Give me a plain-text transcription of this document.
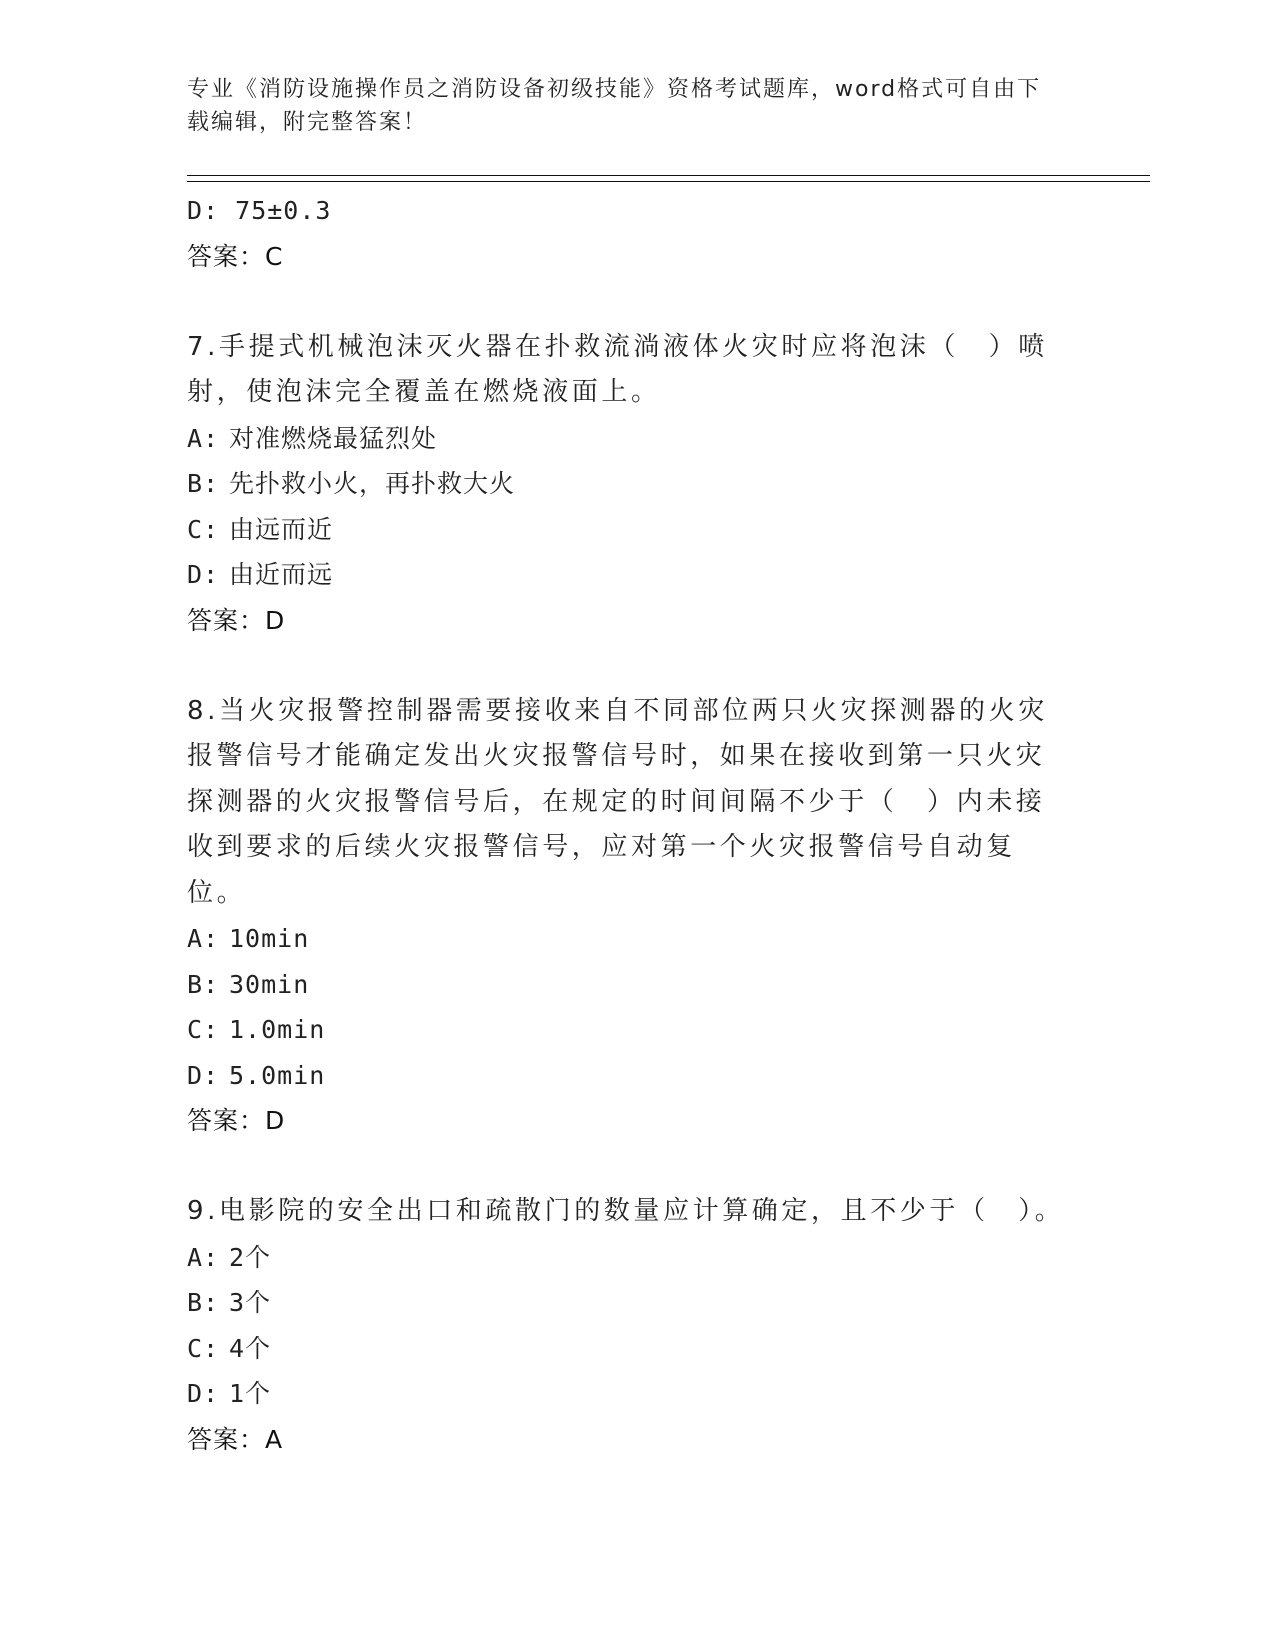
专业《消防设施操作员之消防设备初级技能》资格考试题库，word格式可自由下
载编辑，附完整答案！
D: 75±0.3
答案：C
7.手提式机械泡沫灭火器在扑救流淌液体火灾时应将泡沫（　）喷射，使泡沫完全覆盖在燃烧液面上。
A: 对准燃烧最猛烈处
B: 先扑救小火，再扑救大火
C: 由远而近
D: 由近而远
答案：D
8.当火灾报警控制器需要接收来自不同部位两只火灾探测器的火灾报警信号才能确定发出火灾报警信号时，如果在接收到第一只火灾探测器的火灾报警信号后，在规定的时间间隔不少于（　）内未接收到要求的后续火灾报警信号，应对第一个火灾报警信号自动复位。
A: 10min
B: 30min
C: 1.0min
D: 5.0min
答案：D
9.电影院的安全出口和疏散门的数量应计算确定，且不少于（　）。
A: 2个
B: 3个
C: 4个
D: 1个
答案：A
